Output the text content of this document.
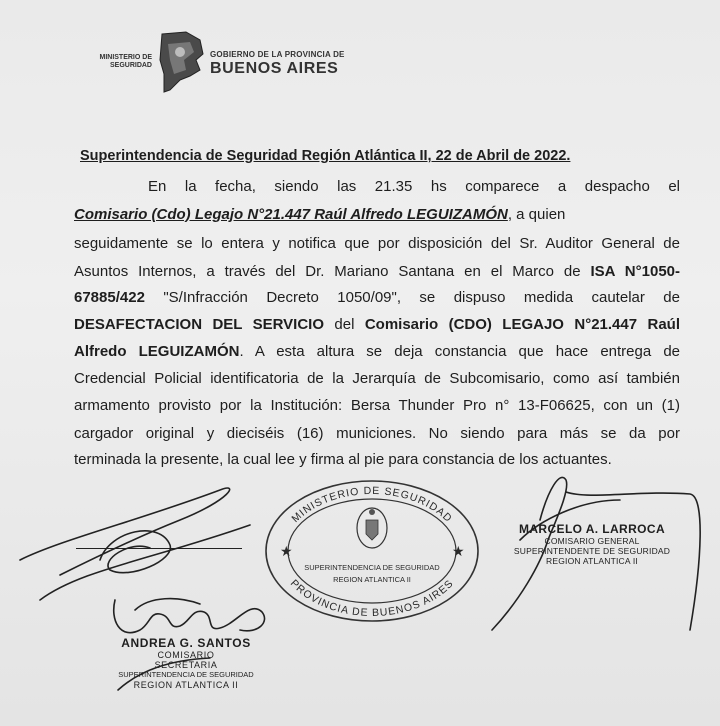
MINISTERIO DE SEGURIDAD
GOBIERNO DE LA PROVINCIA DE
BUENOS AIRES
Superintendencia de Seguridad Región Atlántica II, 22 de Abril de 2022.
En la fecha, siendo las 21.35 hs comparece a despacho el
Comisario (Cdo) Legajo N°21.447 Raúl Alfredo LEGUIZAMÓN, a quien
seguidamente se lo entera y notifica que por disposición del Sr. Auditor General de
Asuntos Internos, a través del Dr. Mariano Santana en el Marco de ISA N°1050-
67885/422 "S/Infracción Decreto 1050/09", se dispuso medida cautelar de
DESAFECTACION DEL SERVICIO del Comisario (CDO) LEGAJO N°21.447 Raúl
Alfredo LEGUIZAMÓN. A esta altura se deja constancia que hace entrega de
Credencial Policial identificatoria de la Jerarquía de Subcomisario, como así también
armamento provisto por la Institución: Bersa Thunder Pro n° 13-F06625, con un (1)
cargador original y dieciséis (16) municiones. No siendo para más se da por
terminada la presente, la cual lee y firma al pie para constancia de los actuantes.
MINISTERIO DE SEGURIDAD
PROVINCIA DE BUENOS AIRES
★	★
SUPERINTENDENCIA DE SEGURIDAD
REGION ATLANTICA II
MARCELO A. LARROCA
COMISARIO GENERAL
SUPERINTENDENTE DE SEGURIDAD
REGION ATLANTICA II
ANDREA G. SANTOS
COMISARIO
SECRETARIA
SUPERINTENDENCIA DE SEGURIDAD
REGION ATLANTICA II
